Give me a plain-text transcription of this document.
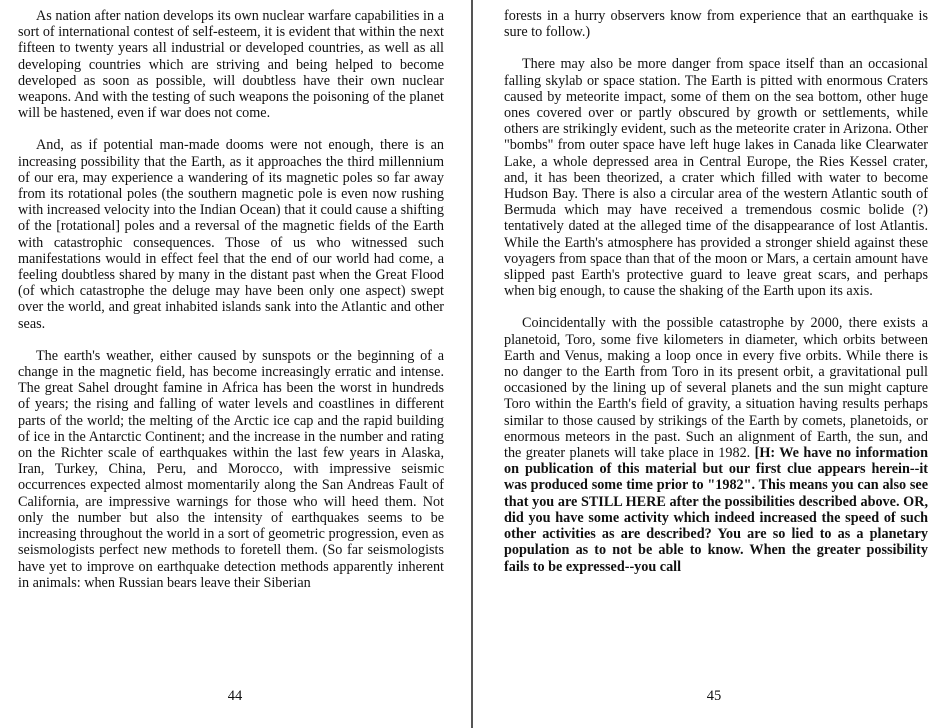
As nation after nation develops its own nuclear warfare capabilities in a sort of international contest of self-esteem, it is evident that within the next fifteen to twenty years all industrial or developed countries, as well as all developing countries which are striving and being helped to become developed as soon as possible, will doubtless have their own nuclear weapons. And with the testing of such weapons the poisoning of the planet will be hastened, even if war does not come.

And, as if potential man-made dooms were not enough, there is an increasing possibility that the Earth, as it approaches the third millennium of our era, may experience a wandering of its magnetic poles so far away from its rotational poles (the southern magnetic pole is even now rushing with increased velocity into the Indian Ocean) that it could cause a shifting of the [rotational] poles and a reversal of the magnetic fields of the Earth with catastrophic consequences. Those of us who witnessed such manifestations would in effect feel that the end of our world had come, a feeling doubtless shared by many in the distant past when the Great Flood (of which catastrophe the deluge may have been only one aspect) swept over the world, and great inhabited islands sank into the Atlantic and other seas.

The earth's weather, either caused by sunspots or the beginning of a change in the magnetic field, has become increasingly erratic and intense. The great Sahel drought famine in Africa has been the worst in hundreds of years; the rising and falling of water levels and coastlines in different parts of the world; the melting of the Arctic ice cap and the rapid building of ice in the Antarctic Continent; and the increase in the number and rating on the Richter scale of earthquakes within the last few years in Alaska, Iran, Turkey, China, Peru, and Morocco, with impressive seismic occurrences expected almost momentarily along the San Andreas Fault of California, are impressive warnings for those who will heed them. Not only the number but also the intensity of earthquakes seems to be increasing throughout the world in a sort of geometric progression, even as seismologists perfect new methods to foretell them. (So far seismologists have yet to improve on earthquake detection methods apparently inherent in animals: when Russian bears leave their Siberian

44

forests in a hurry observers know from experience that an earthquake is sure to follow.)

There may also be more danger from space itself than an occasional falling skylab or space station. The Earth is pitted with enormous Craters caused by meteorite impact, some of them on the sea bottom, other huge ones covered over or partly obscured by growth or settlements, while others are strikingly evident, such as the meteorite crater in Arizona. Other "bombs" from outer space have left huge lakes in Canada like Clearwater Lake, a whole depressed area in Central Europe, the Ries Kessel crater, and, it has been theorized, a crater which filled with water to become Hudson Bay. There is also a circular area of the western Atlantic south of Bermuda which may have received a tremendous cosmic bolide (?) tentatively dated at the alleged time of the disappearance of lost Atlantis. While the Earth's atmosphere has provided a stronger shield against these voyagers from space than that of the moon or Mars, a certain amount have slipped past Earth's protective guard to leave great scars, and perhaps when big enough, to cause the shaking of the Earth upon its axis.

Coincidentally with the possible catastrophe by 2000, there exists a planetoid, Toro, some five kilometers in diameter, which orbits between Earth and Venus, making a loop once in every five orbits. While there is no danger to the Earth from Toro in its present orbit, a gravitational pull occasioned by the lining up of several planets and the sun might capture Toro within the Earth's field of gravity, a situation having results perhaps similar to those caused by strikings of the Earth by comets, planetoids, or enormous meteors in the past. Such an alignment of Earth, the sun, and the greater planets will take place in 1982. [H: We have no information on publication of this material but our first clue appears herein--it was produced some time prior to "1982". This means you can also see that you are STILL HERE after the possibilities described above. OR, did you have some activity which indeed increased the speed of such other activities as are described? You are so lied to as a planetary population as to not be able to know. When the greater possibility fails to be expressed--you call

45
